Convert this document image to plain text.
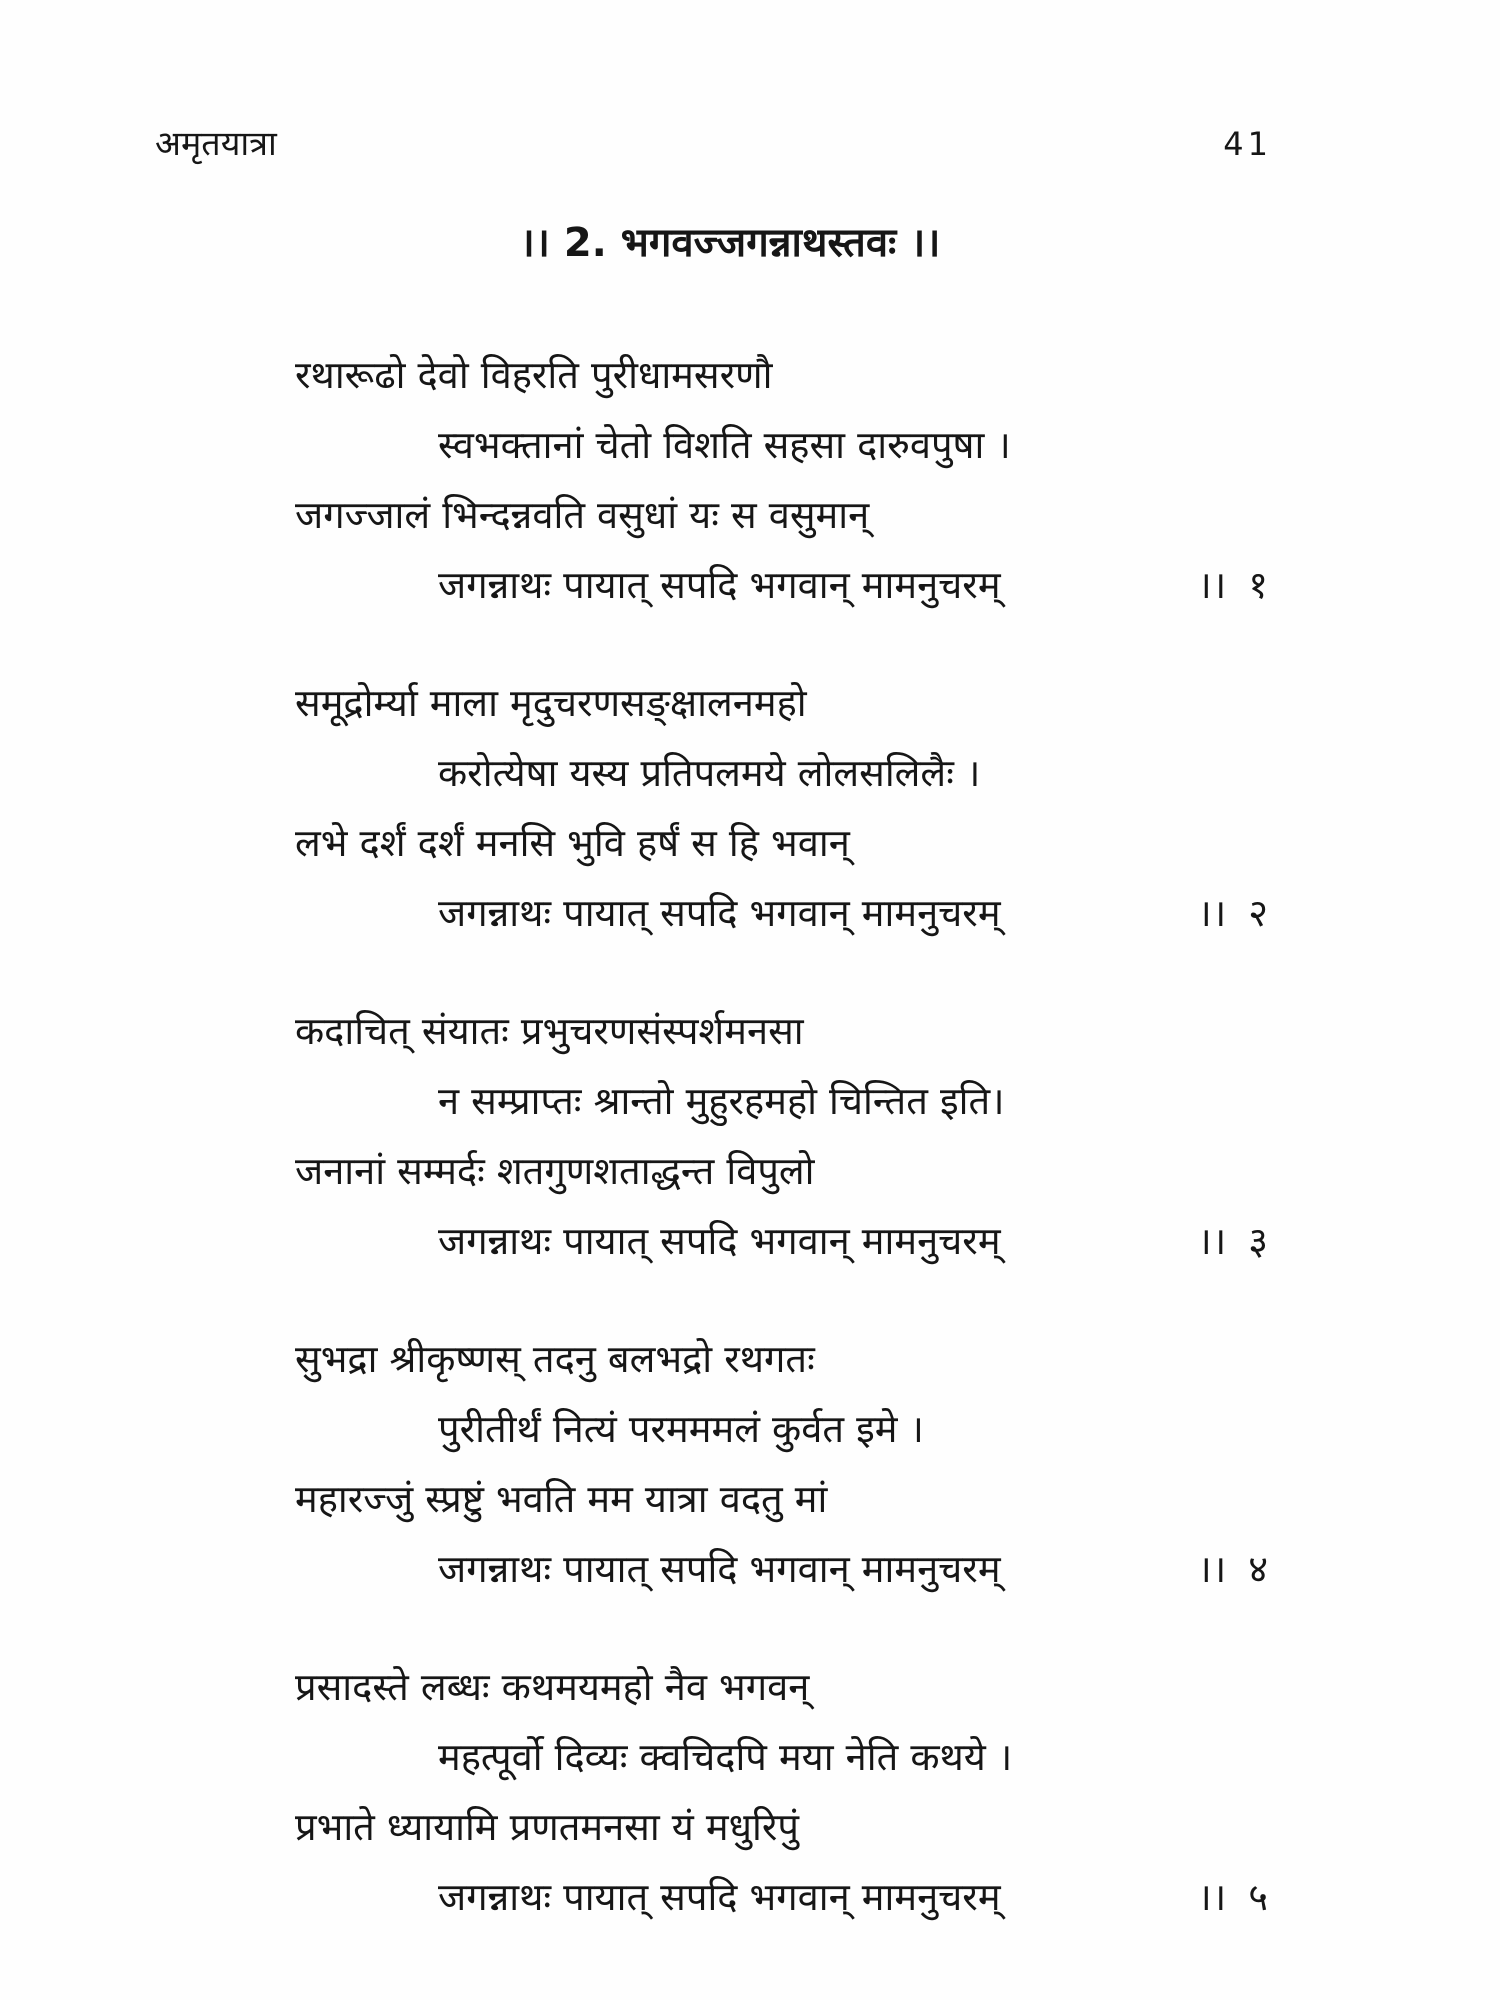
अमृतयात्रा	41
।। 2. भगवज्जगन्नाथस्तवः ।।
रथारूढो देवो विहरति पुरीधामसरणौ
स्वभक्तानां चेतो विशति सहसा दारुवपुषा ।
जगज्जालं भिन्दन्नवति वसुधां यः स वसुमान्
जगन्नाथः पायात् सपदि भगवान् मामनुचरम्	।। १
समूद्रोर्म्या माला मृदुचरणसङ्क्षालनमहो
करोत्येषा यस्य प्रतिपलमये लोलसलिलैः ।
लभे दर्शं दर्शं मनसि भुवि हर्षं स हि भवान्
जगन्नाथः पायात् सपदि भगवान् मामनुचरम्	।। २
कदाचित् संयातः प्रभुचरणसंस्पर्शमनसा
न सम्प्राप्तः श्रान्तो मुहुरहमहो चिन्तित इति।
जनानां सम्मर्दः शतगुणशताद्धन्त विपुलो
जगन्नाथः पायात् सपदि भगवान् मामनुचरम्	।। ३
सुभद्रा श्रीकृष्णस् तदनु बलभद्रो रथगतः
पुरीतीर्थं नित्यं परमममलं कुर्वत इमे ।
महारज्जुं स्प्रष्टुं भवति मम यात्रा वदतु मां
जगन्नाथः पायात् सपदि भगवान् मामनुचरम्	।। ४
प्रसादस्ते लब्धः कथमयमहो नैव भगवन्
महत्पूर्वो दिव्यः क्वचिदपि मया नेति कथये ।
प्रभाते ध्यायामि प्रणतमनसा यं मधुरिपुं
जगन्नाथः पायात् सपदि भगवान् मामनुचरम्	।। ५
